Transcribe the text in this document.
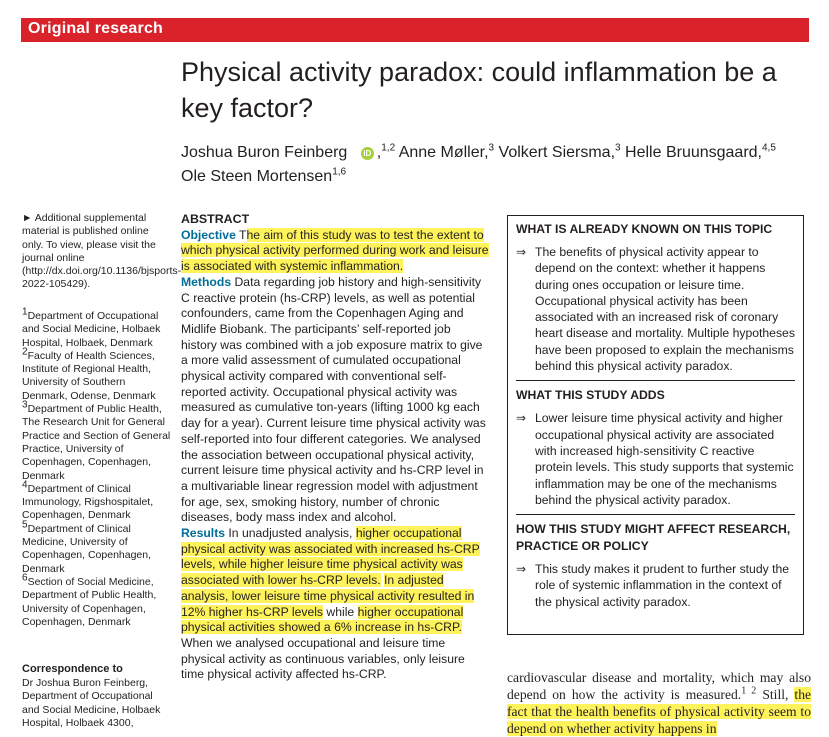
Original research
Physical activity paradox: could inflammation be a key factor?
Joshua Buron Feinberg iD ,$^{1,2}$ Anne Møller,$^3$ Volkert Siersma,$^3$ Helle Bruunsgaard,$^{4,5}$
Ole Steen Mortensen$^{1,6}$
► Additional supplemental material is published online only. To view, please visit the journal online (http://dx.doi.org/10.1136/bjsports-2022-105429).
$^1$Department of Occupational and Social Medicine, Holbaek Hospital, Holbaek, Denmark
$^2$Faculty of Health Sciences, Institute of Regional Health, University of Southern Denmark, Odense, Denmark
$^3$Department of Public Health, The Research Unit for General Practice and Section of General Practice, University of Copenhagen, Copenhagen, Denmark
$^4$Department of Clinical Immunology, Rigshospitalet, Copenhagen, Denmark
$^5$Department of Clinical Medicine, University of Copenhagen, Copenhagen, Denmark
$^6$Section of Social Medicine, Department of Public Health, University of Copenhagen, Copenhagen, Denmark
Correspondence to
Dr Joshua Buron Feinberg, Department of Occupational and Social Medicine, Holbaek Hospital, Holbaek 4300,
ABSTRACT
Objective The aim of this study was to test the extent to which physical activity performed during work and leisure is associated with systemic inflammation.
Methods Data regarding job history and high-sensitivity C reactive protein (hs-CRP) levels, as well as potential confounders, came from the Copenhagen Aging and Midlife Biobank. The participants’ self-reported job history was combined with a job exposure matrix to give a more valid assessment of cumulated occupational physical activity compared with conventional self-reported activity. Occupational physical activity was measured as cumulative ton-years (lifting 1000 kg each day for a year). Current leisure time physical activity was self-reported into four different categories. We analysed the association between occupational physical activity, current leisure time physical activity and hs-CRP level in a multivariable linear regression model with adjustment for age, sex, smoking history, number of chronic diseases, body mass index and alcohol.
Results In unadjusted analysis, higher occupational physical activity was associated with increased hs-CRP levels, while higher leisure time physical activity was associated with lower hs-CRP levels. In adjusted analysis, lower leisure time physical activity resulted in 12% higher hs-CRP levels while higher occupational physical activities showed a 6% increase in hs-CRP. When we analysed occupational and leisure time physical activity as continuous variables, only leisure time physical activity affected hs-CRP.
WHAT IS ALREADY KNOWN ON THIS TOPIC
⇒ The benefits of physical activity appear to depend on the context: whether it happens during ones occupation or leisure time. Occupational physical activity has been associated with an increased risk of coronary heart disease and mortality. Multiple hypotheses have been proposed to explain the mechanisms behind this physical activity paradox.
WHAT THIS STUDY ADDS
⇒ Lower leisure time physical activity and higher occupational physical activity are associated with increased high-sensitivity C reactive protein levels. This study supports that systemic inflammation may be one of the mechanisms behind the physical activity paradox.
HOW THIS STUDY MIGHT AFFECT RESEARCH, PRACTICE OR POLICY
⇒ This study makes it prudent to further study the role of systemic inflammation in the context of the physical activity paradox.
cardiovascular disease and mortality, which may also depend on how the activity is measured.$^{1 2}$ Still, the fact that the health benefits of physical activity seem to depend on whether activity happens in
